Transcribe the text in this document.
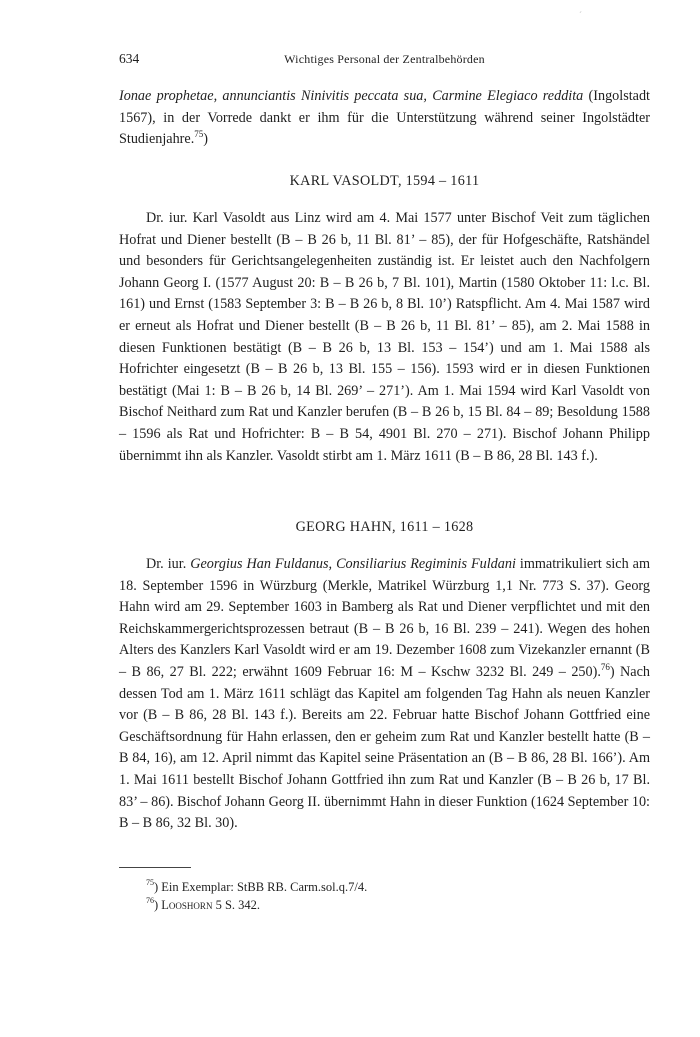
ˊ
634	Wichtiges Personal der Zentralbehörden

Ionae prophetae, annunciantis Ninivitis peccata sua, Carmine Elegiaco reddita (Ingolstadt 1567), in der Vorrede dankt er ihm für die Unterstützung während seiner Ingolstädter Studienjahre.$^{75}$)

KARL VASOLDT, 1594 – 1611

Dr. iur. Karl Vasoldt aus Linz wird am 4. Mai 1577 unter Bischof Veit zum täglichen Hofrat und Diener bestellt (B – B 26 b, 11 Bl. 81’ – 85), der für Hofgeschäfte, Ratshändel und besonders für Gerichtsangelegenheiten zuständig ist. Er leistet auch den Nachfolgern Johann Georg I. (1577 August 20: B – B 26 b, 7 Bl. 101), Martin (1580 Oktober 11: l.c. Bl. 161) und Ernst (1583 September 3: B – B 26 b, 8 Bl. 10’) Ratspflicht. Am 4. Mai 1587 wird er erneut als Hofrat und Diener bestellt (B – B 26 b, 11 Bl. 81’ – 85), am 2. Mai 1588 in diesen Funktionen bestätigt (B – B 26 b, 13 Bl. 153 – 154’) und am 1. Mai 1588 als Hofrichter eingesetzt (B – B 26 b, 13 Bl. 155 – 156). 1593 wird er in diesen Funktionen bestätigt (Mai 1: B – B 26 b, 14 Bl. 269’ – 271’). Am 1. Mai 1594 wird Karl Vasoldt von Bischof Neithard zum Rat und Kanzler berufen (B – B 26 b, 15 Bl. 84 – 89; Besoldung 1588 – 1596 als Rat und Hofrichter: B – B 54, 4901 Bl. 270 – 271). Bischof Johann Philipp übernimmt ihn als Kanzler. Vasoldt stirbt am 1. März 1611 (B – B 86, 28 Bl. 143 f.).

GEORG HAHN, 1611 – 1628

Dr. iur. Georgius Han Fuldanus, Consiliarius Regiminis Fuldani immatrikuliert sich am 18. September 1596 in Würzburg (Merkle, Matrikel Würzburg 1,1 Nr. 773 S. 37). Georg Hahn wird am 29. September 1603 in Bamberg als Rat und Diener verpflichtet und mit den Reichskammergerichtsprozessen betraut (B – B 26 b, 16 Bl. 239 – 241). Wegen des hohen Alters des Kanzlers Karl Vasoldt wird er am 19. Dezember 1608 zum Vizekanzler ernannt (B – B 86, 27 Bl. 222; erwähnt 1609 Februar 16: M – Kschw 3232 Bl. 249 – 250).$^{76}$) Nach dessen Tod am 1. März 1611 schlägt das Kapitel am folgenden Tag Hahn als neuen Kanzler vor (B – B 86, 28 Bl. 143 f.). Bereits am 22. Februar hatte Bischof Johann Gottfried eine Geschäftsordnung für Hahn erlassen, den er geheim zum Rat und Kanzler bestellt hatte (B – B 84, 16), am 12. April nimmt das Kapitel seine Präsentation an (B – B 86, 28 Bl. 166’). Am 1. Mai 1611 bestellt Bischof Johann Gottfried ihn zum Rat und Kanzler (B – B 26 b, 17 Bl. 83’ – 86). Bischof Johann Georg II. übernimmt Hahn in dieser Funktion (1624 September 10: B – B 86, 32 Bl. 30).

$^{75}$) Ein Exemplar: StBB RB. Carm.sol.q.7/4.
$^{76}$) Looshorn 5 S. 342.
